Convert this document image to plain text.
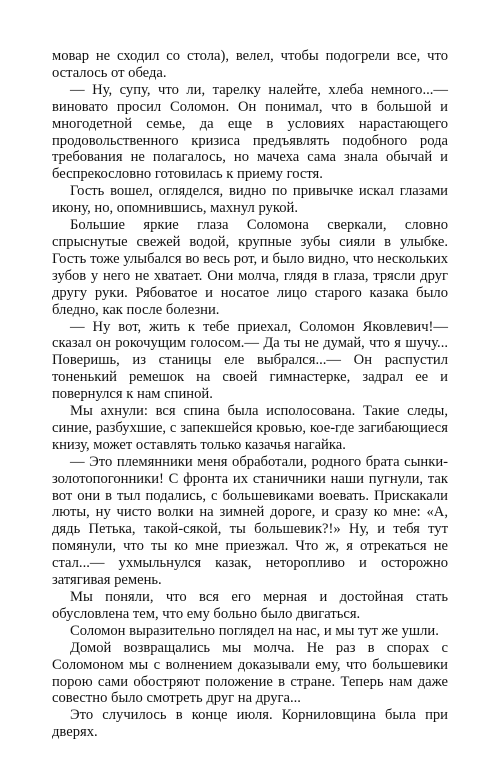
мовар не сходил со стола), велел, чтобы подогрели все, что осталось от обеда.

— Ну, супу, что ли, тарелку налейте, хлеба немного...— виновато просил Соломон. Он понимал, что в большой и многодетной семье, да еще в условиях нарастающего продовольственного кризиса предъявлять подобного рода требования не полагалось, но мачеха сама знала обычай и беспрекословно готовилась к приему гостя.

Гость вошел, огляделся, видно по привычке искал глазами икону, но, опомнившись, махнул рукой.

Большие яркие глаза Соломона сверкали, словно спрыснутые свежей водой, крупные зубы сияли в улыбке. Гость тоже улыбался во весь рот, и было видно, что нескольких зубов у него не хватает. Они молча, глядя в глаза, трясли друг другу руки. Рябоватое и носатое лицо старого казака было бледно, как после болезни.

— Ну вот, жить к тебе приехал, Соломон Яковлевич!— сказал он рокочущим голосом.— Да ты не думай, что я шучу... Поверишь, из станицы еле выбрался...— Он распустил тоненький ремешок на своей гимнастерке, задрал ее и повернулся к нам спиной.

Мы ахнули: вся спина была исполосована. Такие следы, синие, разбухшие, с запекшейся кровью, кое-где загибающиеся книзу, может оставлять только казачья нагайка.

— Это племянники меня обработали, родного брата сынки-золотопогонники! С фронта их станичники наши пугнули, так вот они в тыл подались, с большевиками воевать. Прискакали люты, ну чисто волки на зимней дороге, и сразу ко мне: «А, дядь Петька, такой-сякой, ты большевик?!» Ну, и тебя тут помянули, что ты ко мне приезжал. Что ж, я отрекаться не стал...— ухмыльнулся казак, неторопливо и осторожно затягивая ремень.

Мы поняли, что вся его мерная и достойная стать обусловлена тем, что ему больно было двигаться.

Соломон выразительно поглядел на нас, и мы тут же ушли.

Домой возвращались мы молча. Не раз в спорах с Соломоном мы с волнением доказывали ему, что большевики порою сами обостряют положение в стране. Теперь нам даже совестно было смотреть друг на друга...

Это случилось в конце июля. Корниловщина была при дверях.
